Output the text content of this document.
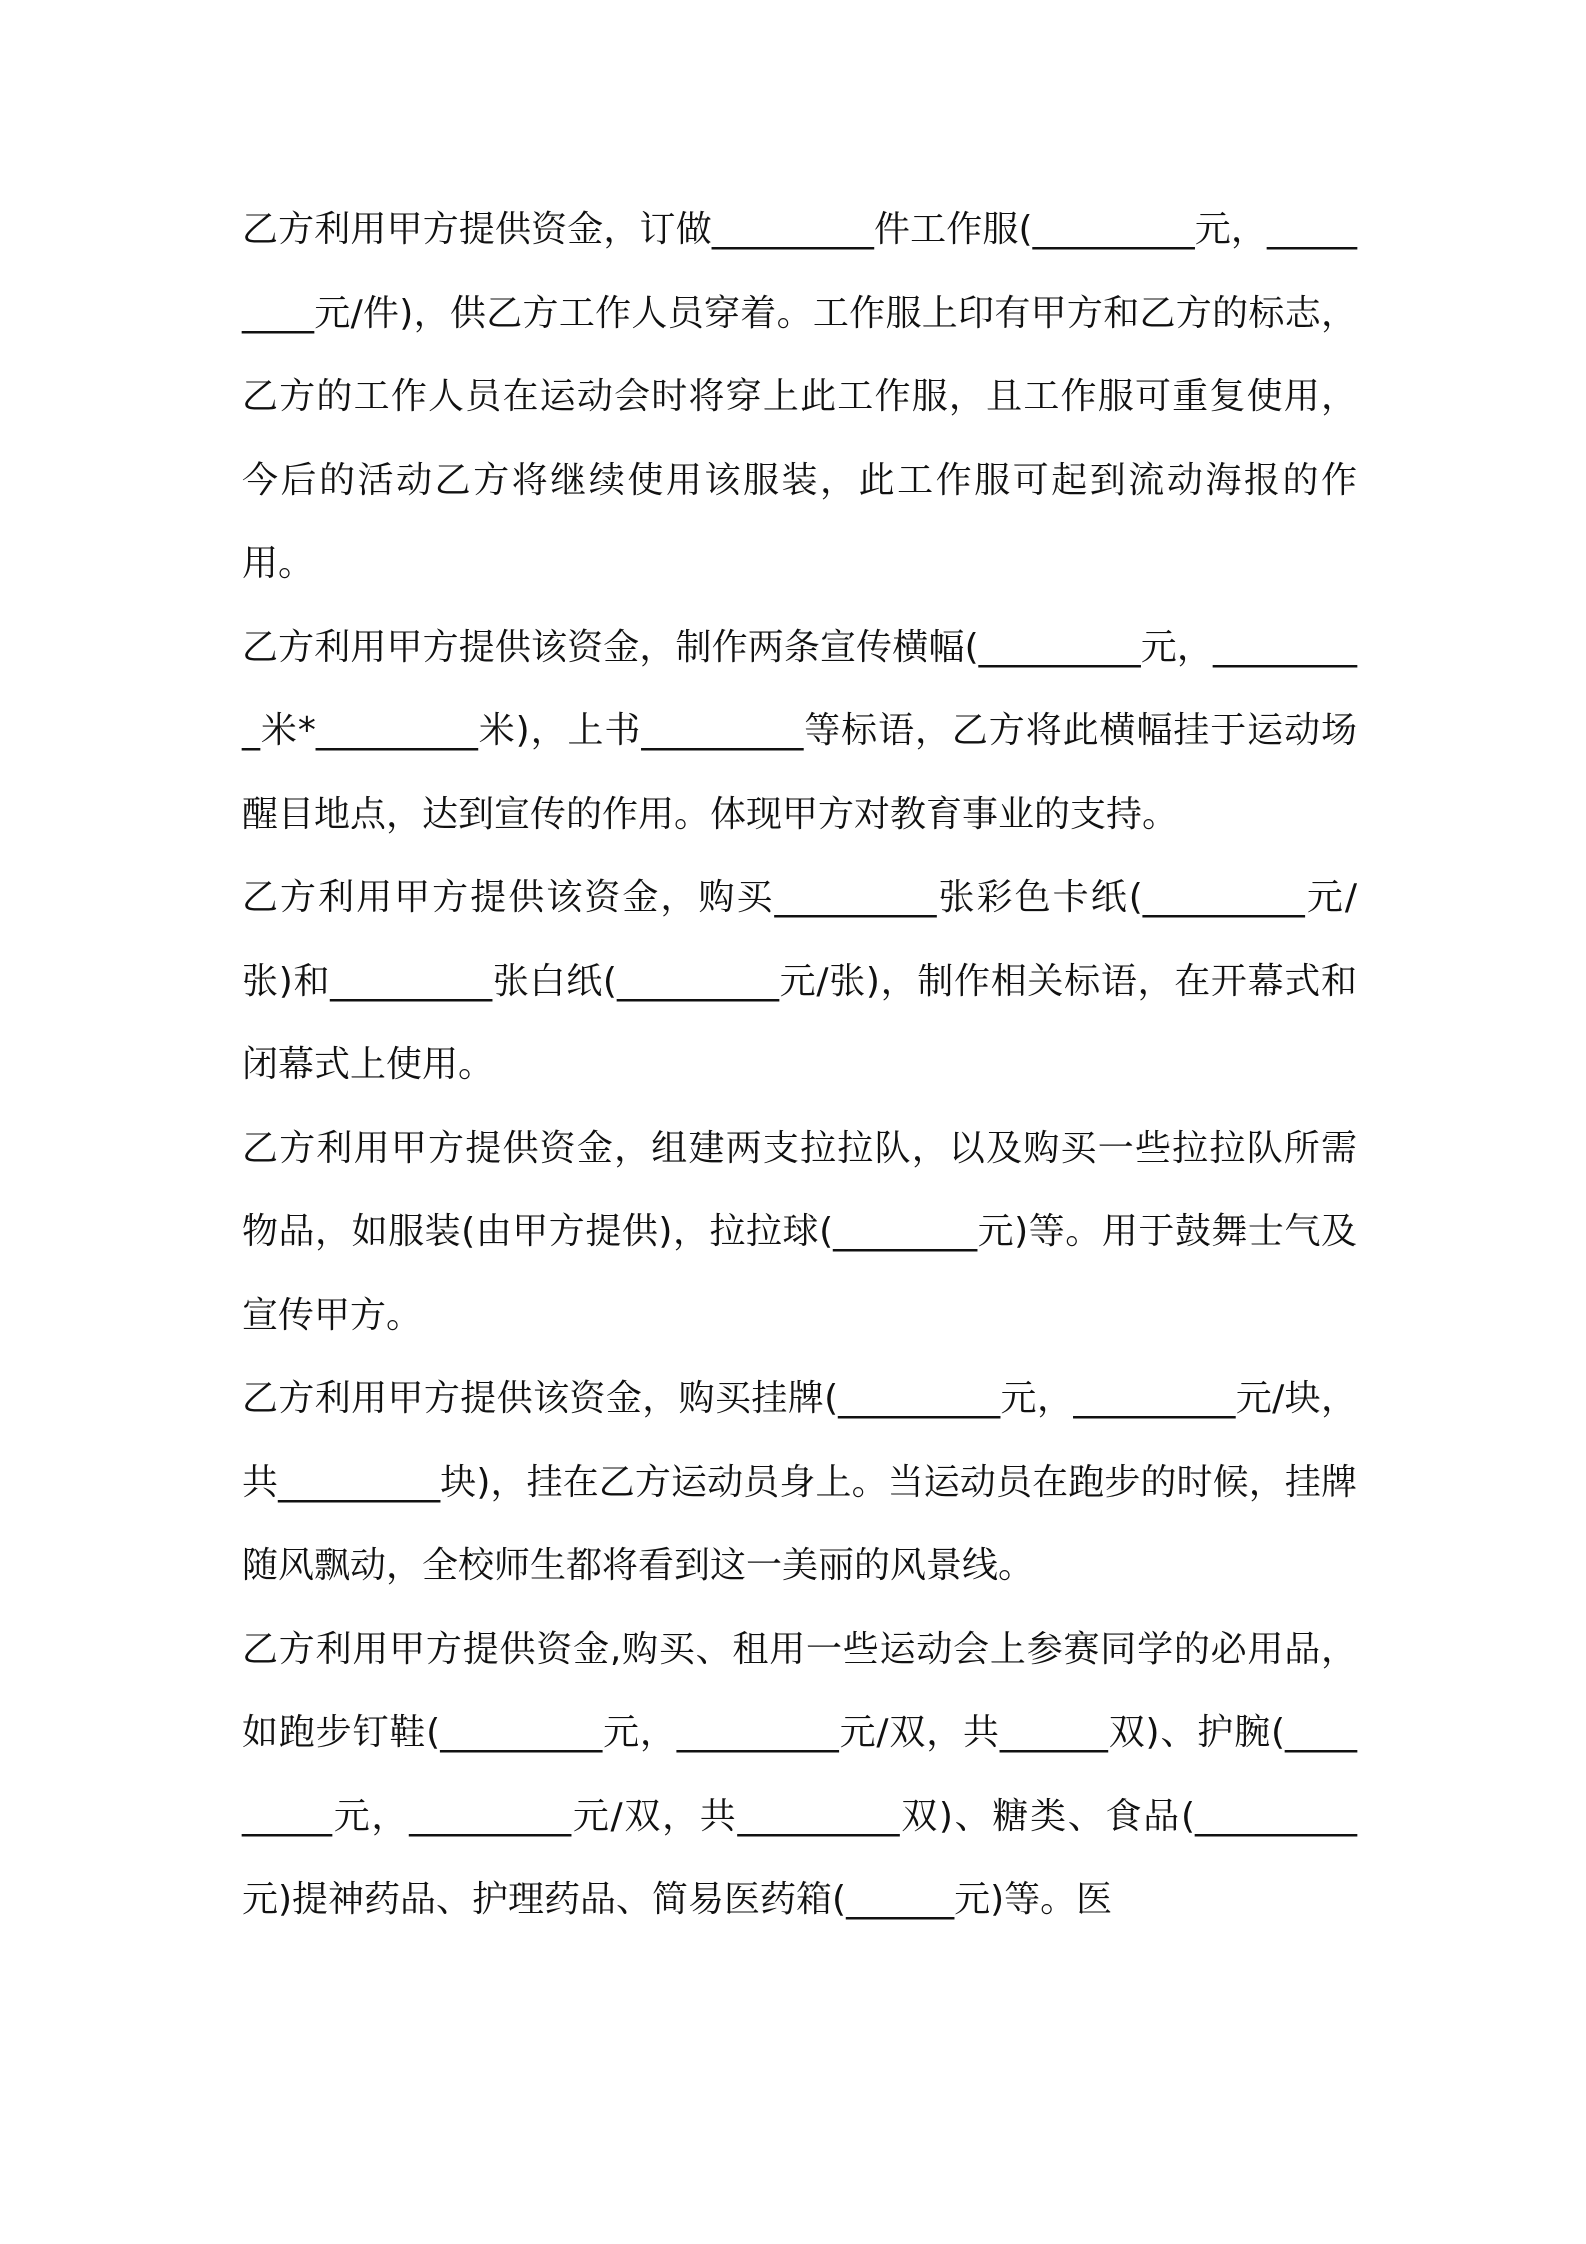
乙方利用甲方提供资金，订做_________件工作服(_________元，_________元/件)，供乙方工作人员穿着。工作服上印有甲方和乙方的标志，乙方的工作人员在运动会时将穿上此工作服，且工作服可重复使用，今后的活动乙方将继续使用该服装，此工作服可起到流动海报的作用。

乙方利用甲方提供该资金，制作两条宣传横幅(_________元，_________米*_________米)，上书_________等标语，乙方将此横幅挂于运动场醒目地点，达到宣传的作用。体现甲方对教育事业的支持。

乙方利用甲方提供该资金，购买_________张彩色卡纸(_________元/张)和_________张白纸(_________元/张)，制作相关标语，在开幕式和闭幕式上使用。

乙方利用甲方提供资金，组建两支拉拉队，以及购买一些拉拉队所需物品，如服装(由甲方提供)，拉拉球(________元)等。用于鼓舞士气及宣传甲方。

乙方利用甲方提供该资金，购买挂牌(_________元，_________元/块，共_________块)，挂在乙方运动员身上。当运动员在跑步的时候，挂牌随风飘动，全校师生都将看到这一美丽的风景线。

乙方利用甲方提供资金,购买、租用一些运动会上参赛同学的必用品，如跑步钉鞋(_________元，_________元/双，共______双)、护腕(_________元，_________元/双，共_________双)、糖类、食品(_________元)提神药品、护理药品、简易医药箱(______元)等。医
